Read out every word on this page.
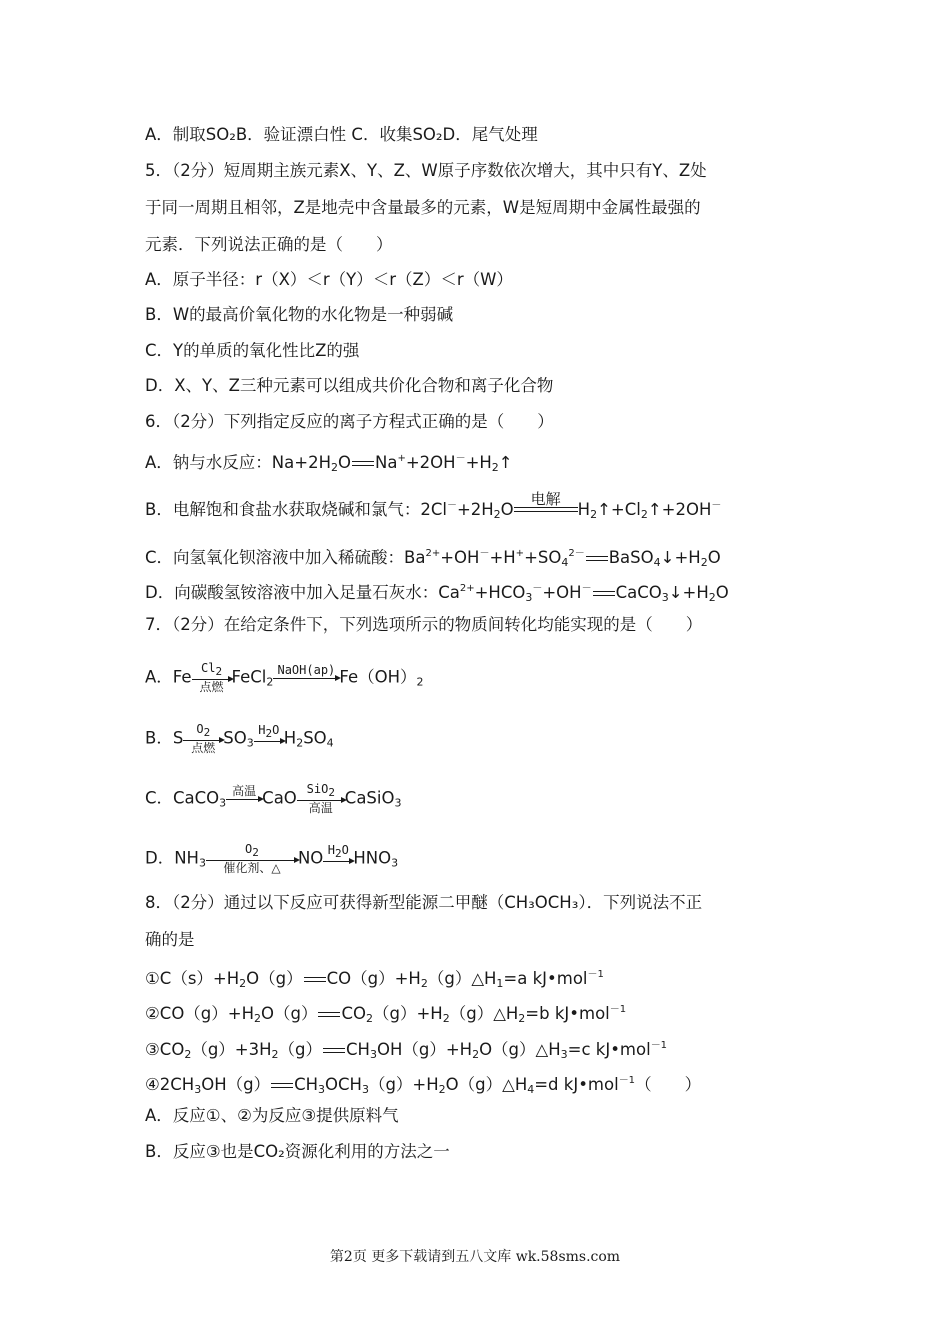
A．制取SO₂B．验证漂白性 C．收集SO₂D．尾气处理
5．（2分）短周期主族元素X、Y、Z、W原子序数依次增大，其中只有Y、Z处
于同一周期且相邻，Z是地壳中含量最多的元素，W是短周期中金属性最强的
元素．下列说法正确的是（　　）
A．原子半径：r（X）＜r（Y）＜r（Z）＜r（W）
B．W的最高价氧化物的水化物是一种弱碱
C．Y的单质的氧化性比Z的强
D．X、Y、Z三种元素可以组成共价化合物和离子化合物
6．（2分）下列指定反应的离子方程式正确的是（　　）
A．钠与水反应：$Na+2H_2O$ $Na^++2OH^-+H_2↑$
B．电解饱和食盐水获取烧碱和氯气：$2Cl^-+2H_2O$
电解
$H_2↑+Cl_2↑+2OH^-$
C．向氢氧化钡溶液中加入稀硫酸：$Ba^{2+}+OH^-+H^++SO_4^{2-}$ $BaSO_4↓+H_2O$
D．向碳酸氢铵溶液中加入足量石灰水：$Ca^{2+}+HCO_3^-+OH^-$ $CaCO_3↓+H_2O$
7．（2分）在给定条件下，下列选项所示的物质间转化均能实现的是（　　）
A．Fe Cl2
点燃
FeCl$_2$
NaOH(ap) $Fe(OH)_2$
B．S	O2
点燃
$SO_3$
H2O $H_2SO_4$
C．CaCO$_3$
高温 CaO SiO2
高温
CaSiO$_3$
D．$NH_3$
O2
催化剂、△
NO H2O $HNO_3$
8．（2分）通过以下反应可获得新型能源二甲醚（CH₃OCH₃）．下列说法不正
确的是
$①C(s)+H_2O(g)$ $CO(g)+H_2(g)\triangle H_1=a$ kJ•mol$^{-1}$
$②CO(g)+H_2O(g)$ $CO_2(g)+H_2(g)\triangle H_2=b$ kJ•mol$^{-1}$
$③CO_2(g)+3H_2(g)$ $CH_3OH(g)+H_2O(g)\triangle H_3=c$ kJ•mol$^{-1}$
$④2CH_3OH(g)$ $CH_3OCH_3(g)+H_2O(g)\triangle H_4=d$ kJ•mol$^{-1}$（　　）
A．反应①、②为反应③提供原料气
B．反应③也是CO₂资源化利用的方法之一
第2页 更多下载请到五八文库 wk.58sms.com
